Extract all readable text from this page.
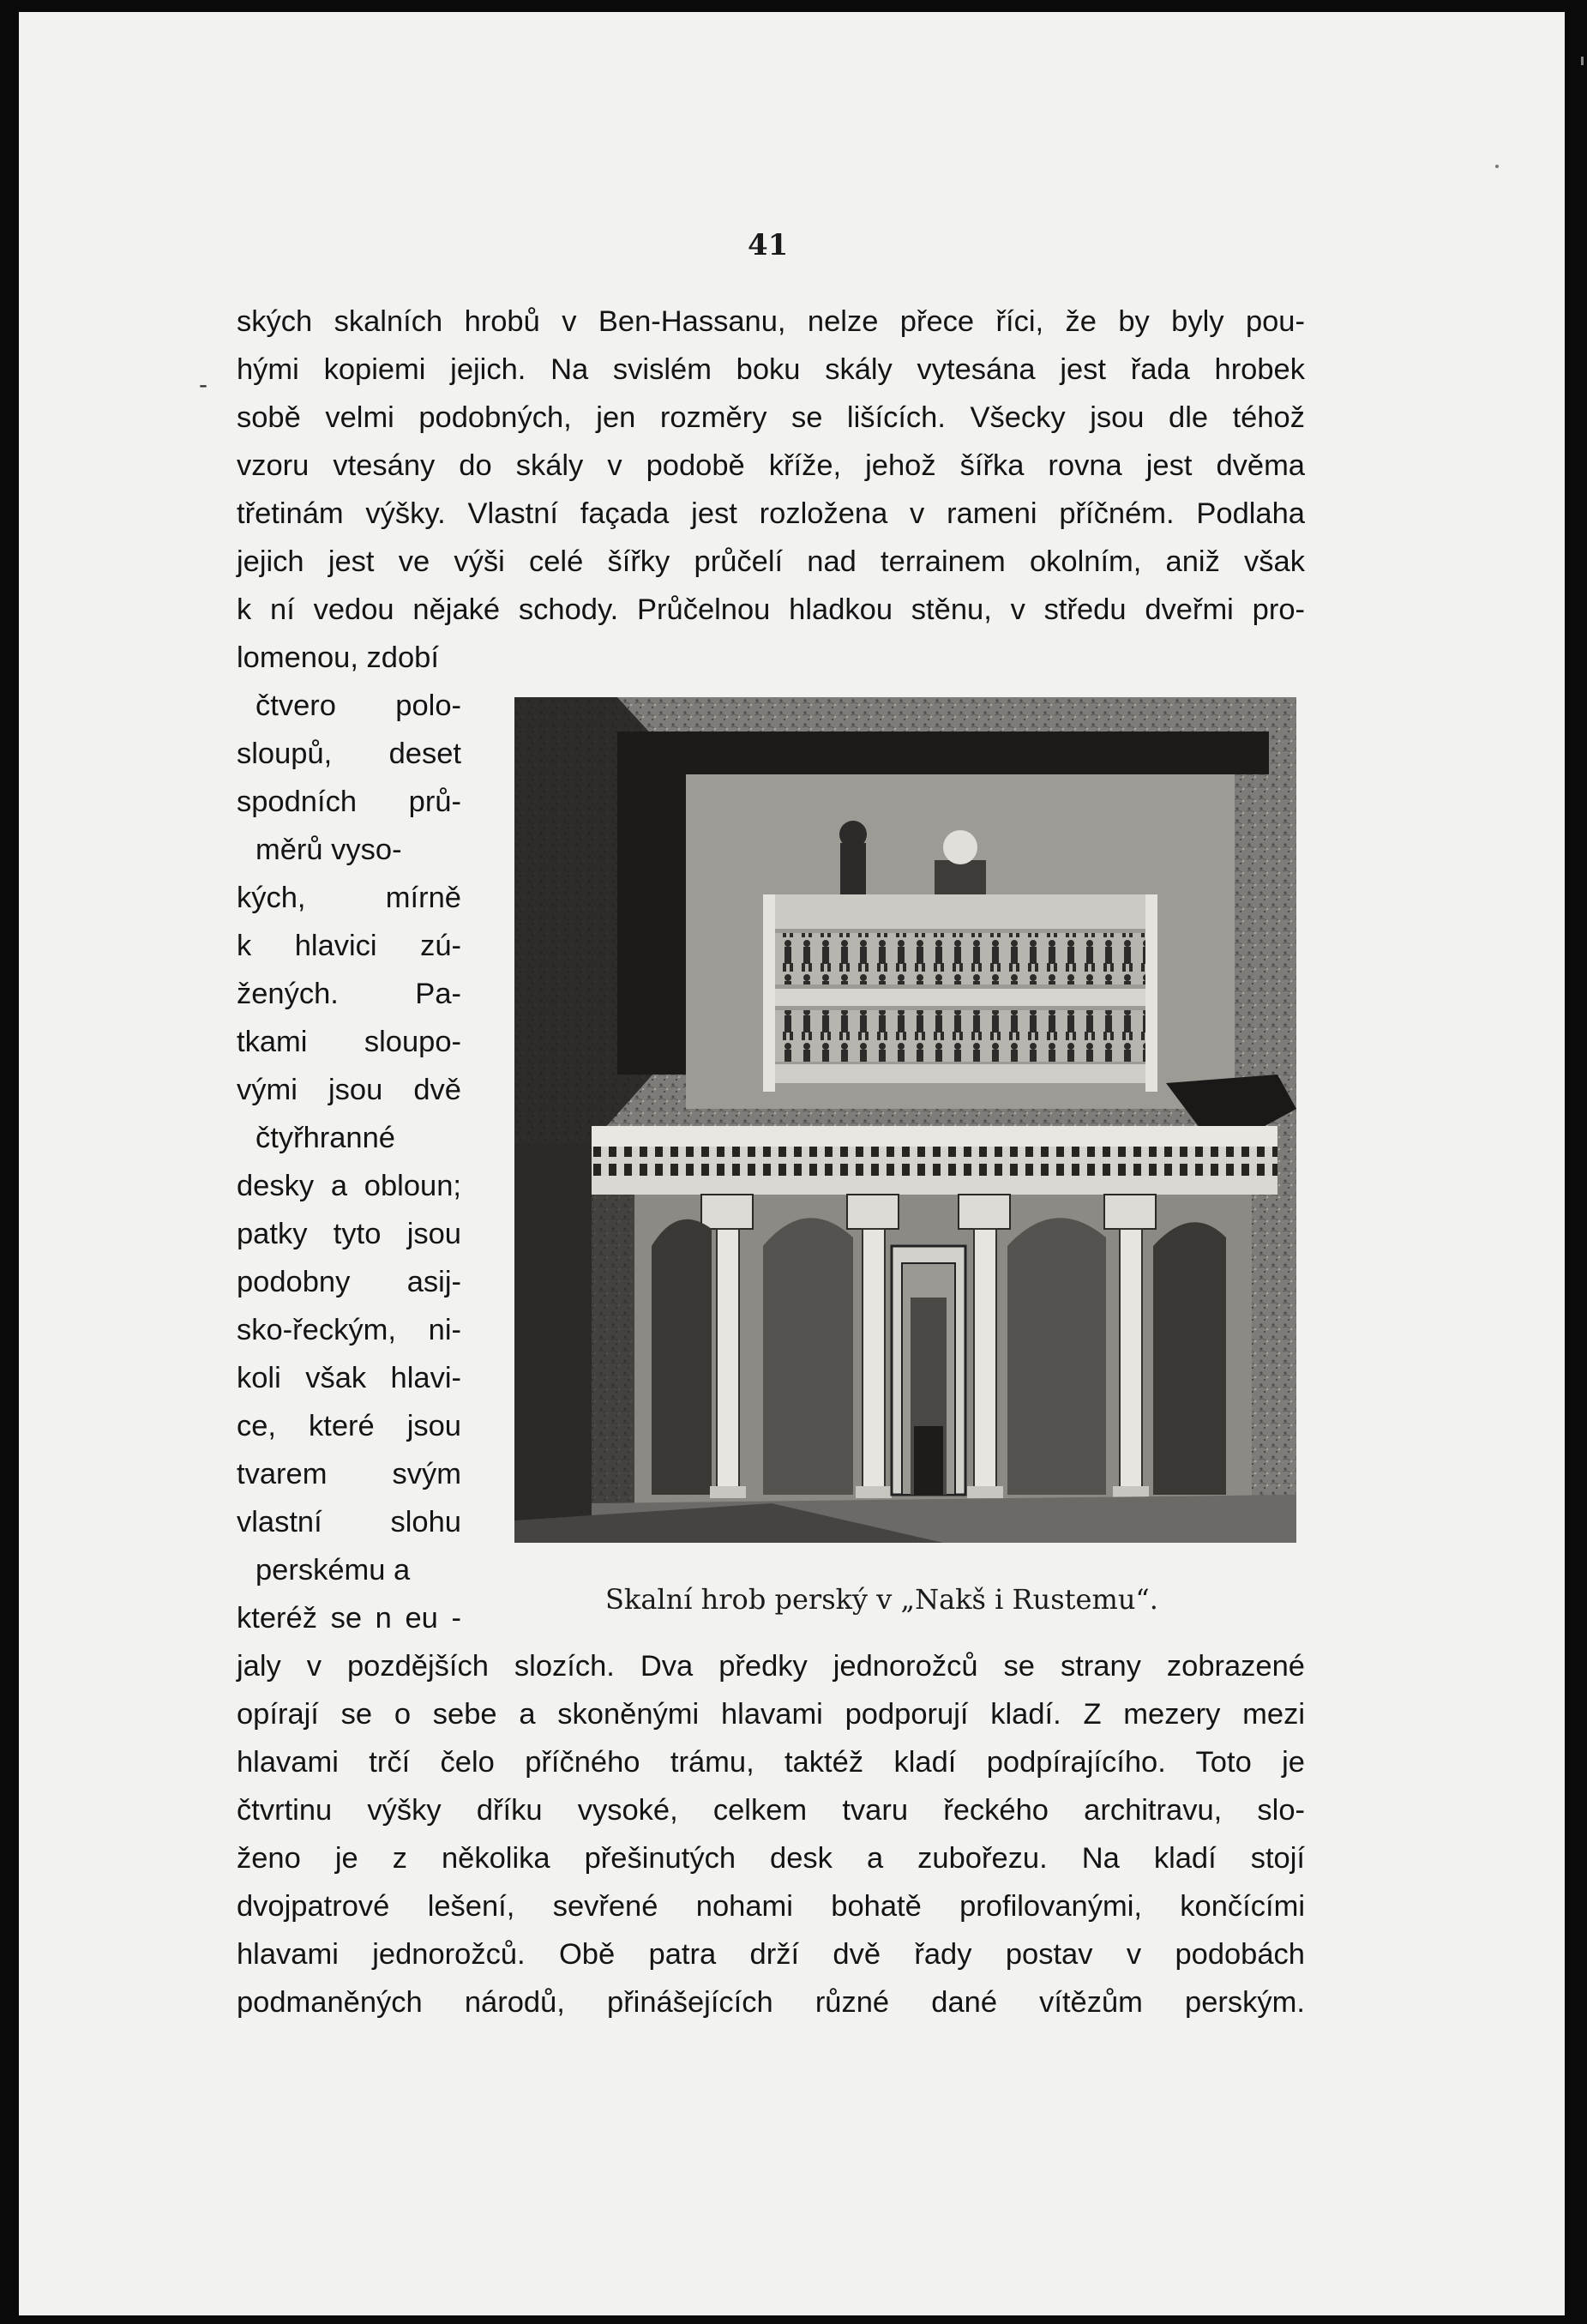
41
-
ských skalních hrobů v Ben-Hassanu, nelze přece říci, že by byly pou-
hými kopiemi jejich. Na svislém boku skály vytesána jest řada hrobek
sobě velmi podobných, jen rozměry se lišících. Všecky jsou dle téhož
vzoru vtesány do skály v podobě kříže, jehož šířka rovna jest dvěma
třetinám výšky. Vlastní façada jest rozložena v rameni příčném. Podlaha
jejich jest ve výši celé šířky průčelí nad terrainem okolním, aniž však
k ní vedou nějaké schody. Průčelnou hladkou stěnu, v středu dveřmi pro-
lomenou, zdobí
čtvero polo-
sloupů, deset
spodních prů-
měrů vyso-
kých, mírně
k hlavici zú-
žených. Pa-
tkami sloupo-
vými jsou dvě
čtyřhranné
desky a obloun;
patky tyto jsou
podobny asij-
sko-řeckým, ni-
koli však hlavi-
ce, které jsou
tvarem svým
vlastní slohu
perskému a
kteréž se n eu -
Skalní hrob perský v „Nakš i Rustemu“.
jaly v pozdějších slozích. Dva předky jednorožců se strany zobrazené
opírají se o sebe a skoněnými hlavami podporují kladí. Z mezery mezi
hlavami trčí čelo příčného trámu, taktéž kladí podpírajícího. Toto je
čtvrtinu výšky dříku vysoké, celkem tvaru řeckého architravu, slo-
ženo je z několika přešinutých desk a zubořezu. Na kladí stojí
dvojpatrové lešení, sevřené nohami bohatě profilovanými, končícími
hlavami jednorožců. Obě patra drží dvě řady postav v podobách
podmaněných národů, přinášejících různé dané vítězům perským.
